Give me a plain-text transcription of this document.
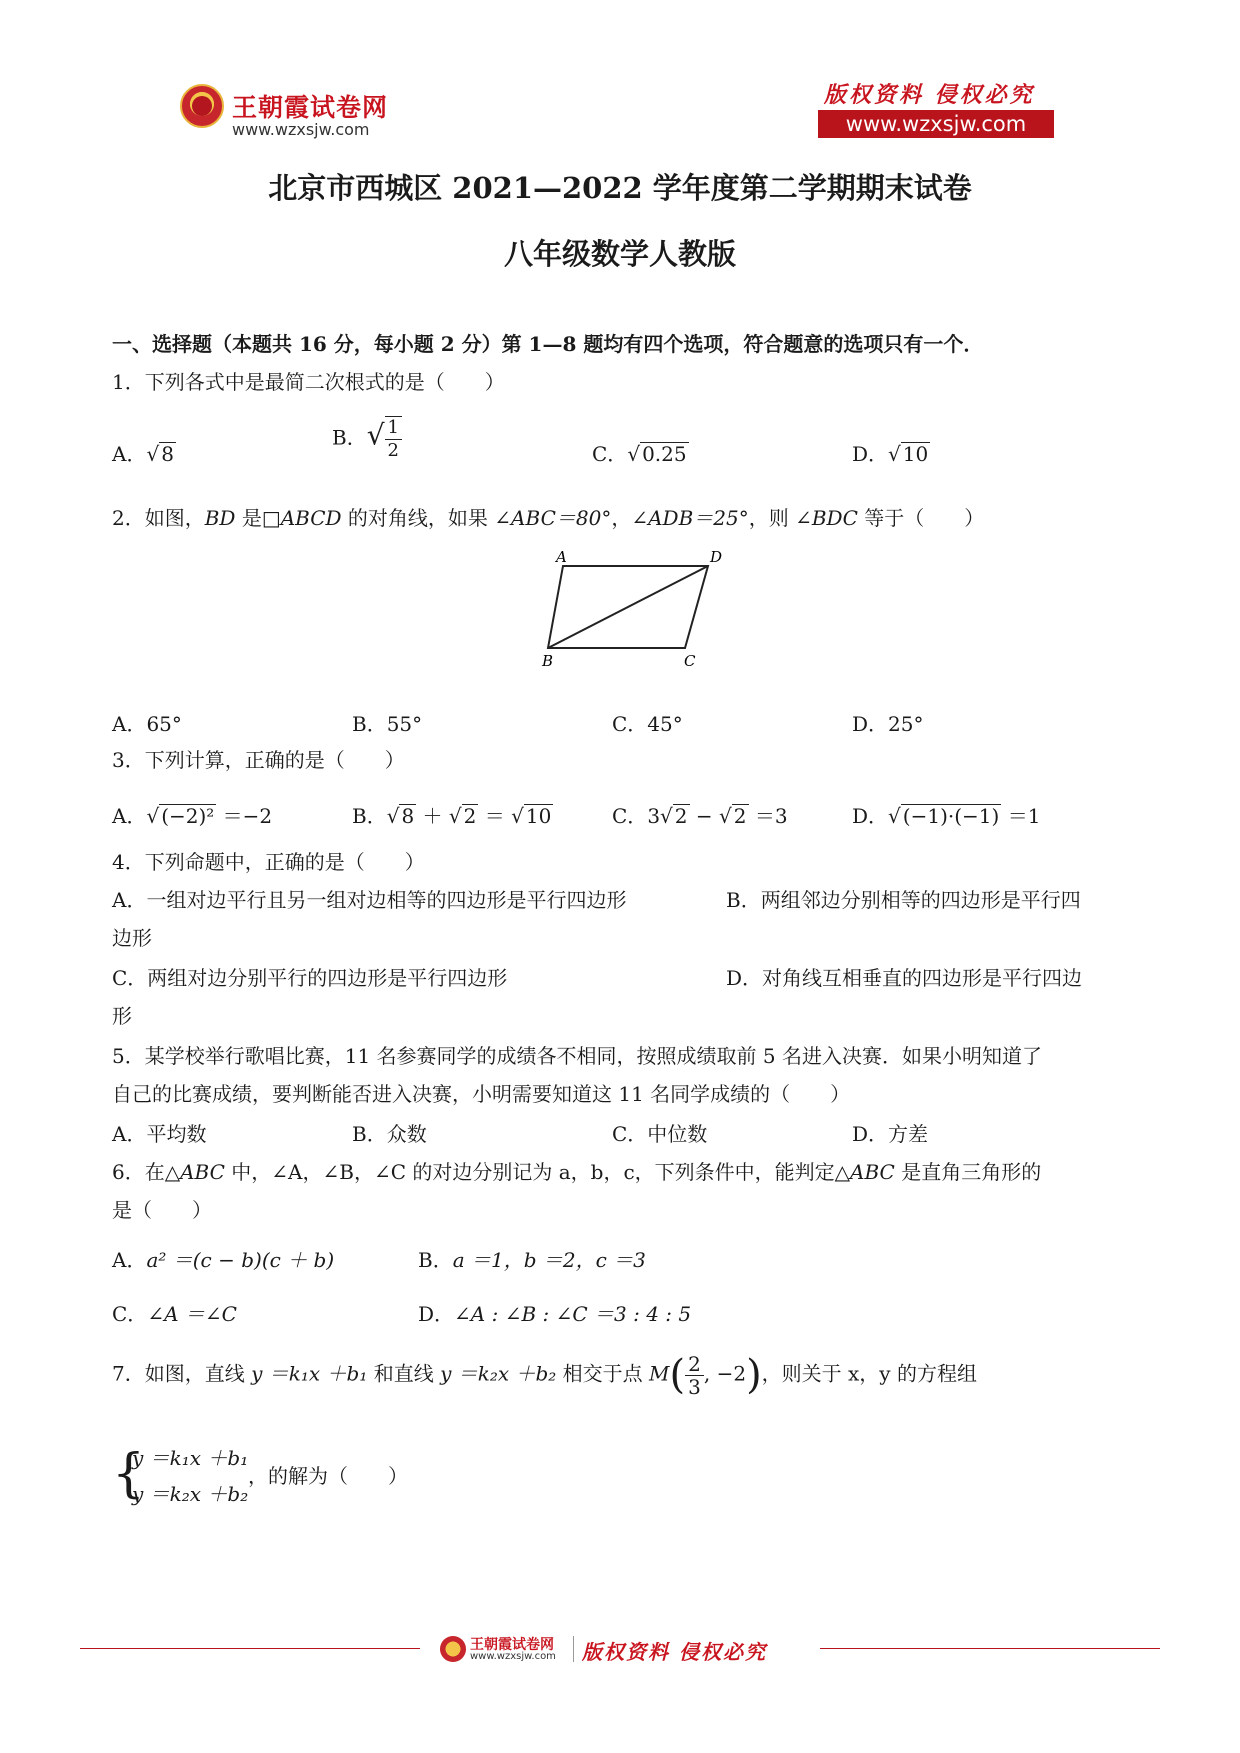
王朝霞试卷网
www.wzxsjw.com
版权资料 侵权必究
www.wzxsjw.com
北京市西城区 2021—2022 学年度第二学期期末试卷
八年级数学人教版
一、选择题（本题共 16 分，每小题 2 分）第 1—8 题均有四个选项，符合题意的选项只有一个．
1．下列各式中是最简二次根式的是（　　）
A．√ 8
B．√ $\frac{1}{2}$	C．√ 0.25	D．√ 10
2．如图，BD 是□ABCD 的对角线，如果 ∠ABC＝80°，∠ADB＝25°，则 ∠BDC 等于（　　）
A	D
B	C
A．65°	B．55°	C．45°	D．25°
3．下列计算，正确的是（　　）
A．√ (−2)² ＝−2	B．√ 8 ＋ √ 2 ＝ √ 10	C．3√ 2 − √ 2 ＝3	D．√ (−1)·(−1) ＝1
4．下列命题中，正确的是（　　）
A．一组对边平行且另一组对边相等的四边形是平行四边形	B．两组邻边分别相等的四边形是平行四
边形
C．两组对边分别平行的四边形是平行四边形	D．对角线互相垂直的四边形是平行四边
形
5．某学校举行歌唱比赛，11 名参赛同学的成绩各不相同，按照成绩取前 5 名进入决赛．如果小明知道了
自己的比赛成绩，要判断能否进入决赛，小明需要知道这 11 名同学成绩的（　　）
A．平均数	B．众数	C．中位数	D．方差
6．在△ABC 中，∠A，∠B，∠C 的对边分别记为 a，b，c，下列条件中，能判定△ABC 是直角三角形的
是（　　）
A．a² ＝(c − b)(c ＋ b)	B．a ＝1，b ＝2，c ＝3
C．∠A ＝∠C	D．∠A : ∠B : ∠C ＝3 : 4 : 5
7．如图，直线 y ＝k₁x ＋b₁ 和直线 y ＝k₂x ＋b₂ 相交于点 $M( \frac{2}{3}$ , −2)，则关于 x，y 的方程组
{
y ＝k₁x ＋b₁
y ＝k₂x ＋b₂
，的解为（　　）
王朝霞试卷网
www.wzxsjw.com 版权资料 侵权必究
